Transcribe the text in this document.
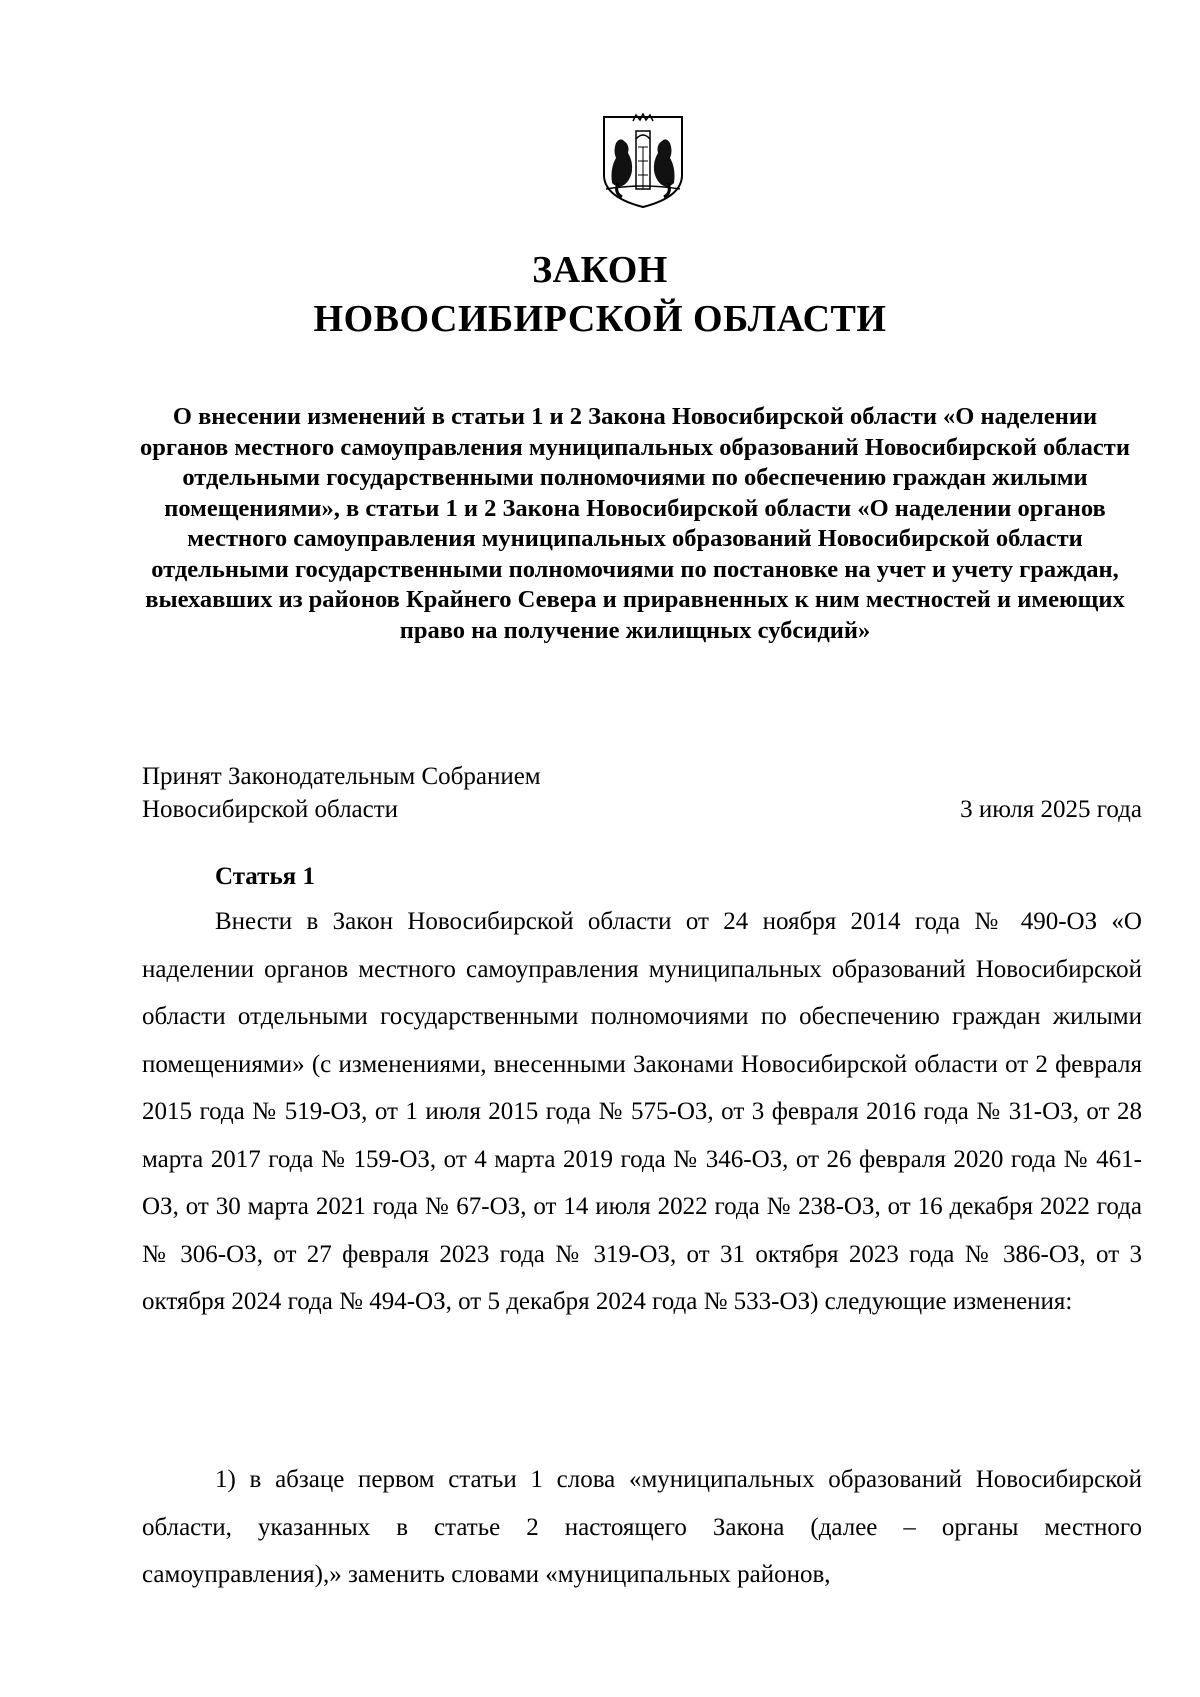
ЗАКОН
НОВОСИБИРСКОЙ ОБЛАСТИ
О внесении изменений в статьи 1 и 2 Закона Новосибирской области «О наделении органов местного самоуправления муниципальных образований Новосибирской области отдельными государственными полномочиями по обеспечению граждан жилыми помещениями», в статьи 1 и 2 Закона Новосибирской области «О наделении органов местного самоуправления муниципальных образований Новосибирской области отдельными государственными полномочиями по постановке на учет и учету граждан, выехавших из районов Крайнего Севера и приравненных к ним местностей и имеющих право на получение жилищных субсидий»
Принят Законодательным Собранием
Новосибирской области	3 июля 2025 года
Статья 1

Внести в Закон Новосибирской области от 24 ноября 2014 года № 490-ОЗ «О наделении органов местного самоуправления муниципальных образований Новосибирской области отдельными государственными полномочиями по обеспечению граждан жилыми помещениями» (с изменениями, внесенными Законами Новосибирской области от 2 февраля 2015 года № 519-ОЗ, от 1 июля 2015 года № 575-ОЗ, от 3 февраля 2016 года № 31-ОЗ, от 28 марта 2017 года № 159-ОЗ, от 4 марта 2019 года № 346-ОЗ, от 26 февраля 2020 года № 461-ОЗ, от 30 марта 2021 года № 67-ОЗ, от 14 июля 2022 года № 238-ОЗ, от 16 декабря 2022 года № 306-ОЗ, от 27 февраля 2023 года № 319-ОЗ, от 31 октября 2023 года № 386-ОЗ, от 3 октября 2024 года № 494-ОЗ, от 5 декабря 2024 года № 533-ОЗ) следующие изменения:

1) в абзаце первом статьи 1 слова «муниципальных образований Новосибирской области, указанных в статье 2 настоящего Закона (далее – органы местного самоуправления),» заменить словами «муниципальных районов,
